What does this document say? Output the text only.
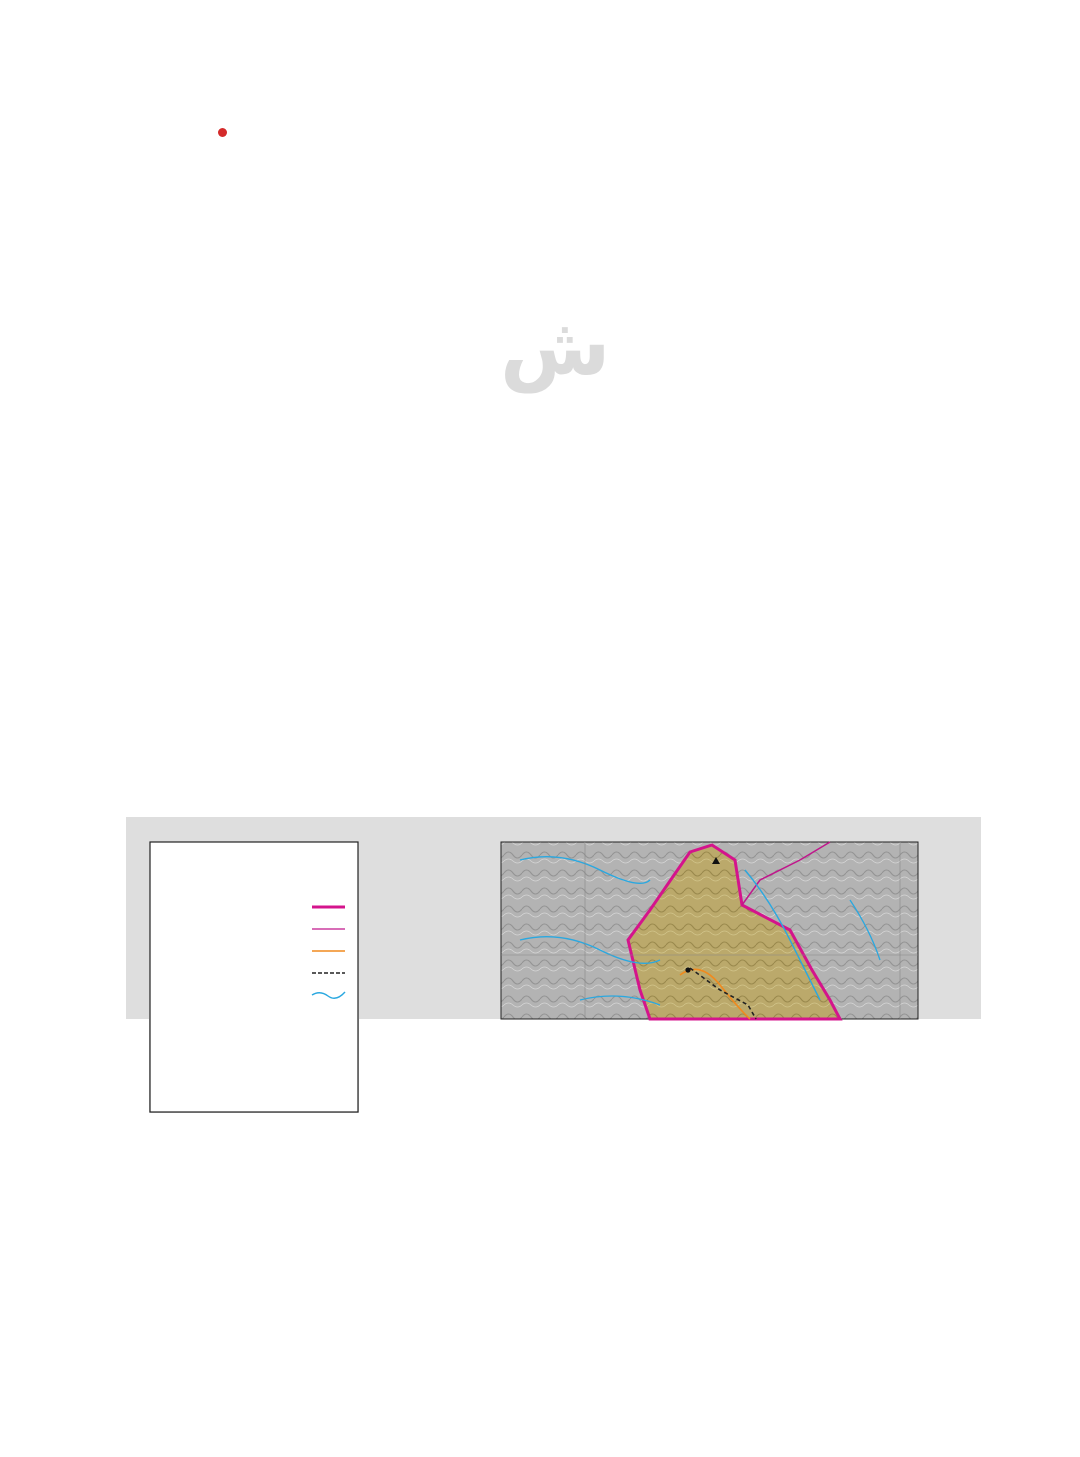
ش
